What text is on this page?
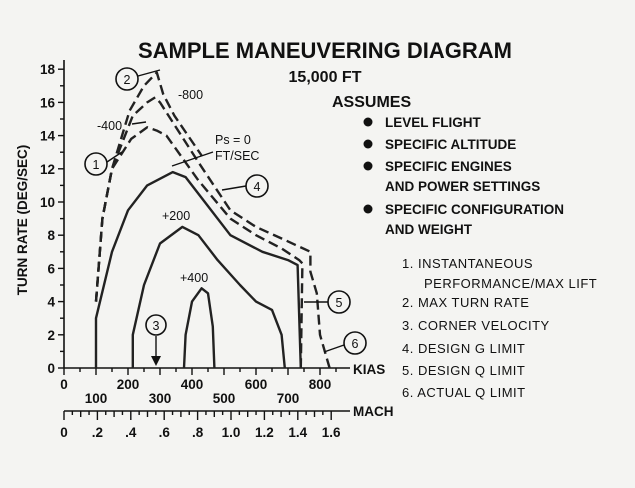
SAMPLE MANEUVERING DIAGRAM
15,000 FT
TURN RATE (DEG/SEC)
KIAS
MACH
0
2
4
6
8
10
12
14
16
18
0	200	400	600	800
100	300	500	700
0 .2 .4 .6 .8 1.0 1.2 1.4 1.6
Ps = 0
FT/SEC
+200
+400
-400
-800
1
2
3
4
5
6
ASSUMES
LEVEL FLIGHT
SPECIFIC ALTITUDE
SPECIFIC ENGINES
AND POWER SETTINGS
SPECIFIC CONFIGURATION
AND WEIGHT
1. INSTANTANEOUS
PERFORMANCE/MAX LIFT
2. MAX TURN RATE
3. CORNER VELOCITY
4. DESIGN G LIMIT
5. DESIGN Q LIMIT
6. ACTUAL Q LIMIT
